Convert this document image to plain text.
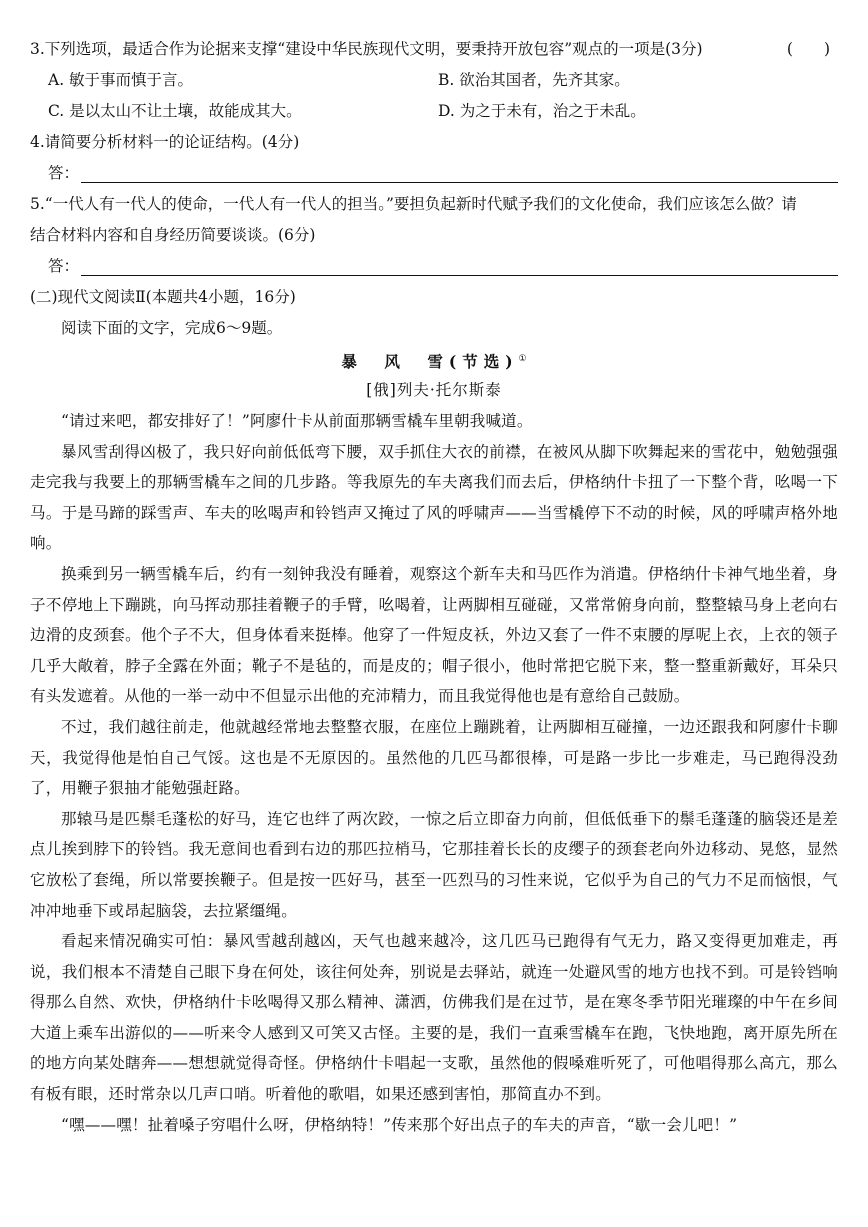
3.下列选项，最适合作为论据来支撑“建设中华民族现代文明，要秉持开放包容”观点的一项是(3分)	(　　)
A. 敏于事而慎于言。	B. 欲治其国者，先齐其家。
C. 是以太山不让土壤，故能成其大。	D. 为之于未有，治之于未乱。
4.请简要分析材料一的论证结构。(4分)
答：
5.“一代人有一代人的使命，一代人有一代人的担当。”要担负起新时代赋予我们的文化使命，我们应该怎么做？请
结合材料内容和自身经历简要谈谈。(6分)
答：
(二)现代文阅读Ⅱ(本题共4小题，16分)
阅读下面的文字，完成6～9题。
暴　风　雪(节选)①
[俄]列夫·托尔斯泰

“请过来吧，都安排好了！”阿廖什卡从前面那辆雪橇车里朝我喊道。

暴风雪刮得凶极了，我只好向前低低弯下腰，双手抓住大衣的前襟，在被风从脚下吹舞起来的雪花中，勉勉强强走完我与我要上的那辆雪橇车之间的几步路。等我原先的车夫离我们而去后，伊格纳什卡扭了一下整个背，吆喝一下马。于是马蹄的踩雪声、车夫的吆喝声和铃铛声又掩过了风的呼啸声——当雪橇停下不动的时候，风的呼啸声格外地响。

换乘到另一辆雪橇车后，约有一刻钟我没有睡着，观察这个新车夫和马匹作为消遣。伊格纳什卡神气地坐着，身子不停地上下蹦跳，向马挥动那挂着鞭子的手臂，吆喝着，让两脚相互碰碰，又常常俯身向前，整整辕马身上老向右边滑的皮颈套。他个子不大，但身体看来挺棒。他穿了一件短皮袄，外边又套了一件不束腰的厚呢上衣，上衣的领子几乎大敞着，脖子全露在外面；靴子不是毡的，而是皮的；帽子很小，他时常把它脱下来，整一整重新戴好，耳朵只有头发遮着。从他的一举一动中不但显示出他的充沛精力，而且我觉得他也是有意给自己鼓励。

不过，我们越往前走，他就越经常地去整整衣服，在座位上蹦跳着，让两脚相互碰撞，一边还跟我和阿廖什卡聊天，我觉得他是怕自己气馁。这也是不无原因的。虽然他的几匹马都很棒，可是路一步比一步难走，马已跑得没劲了，用鞭子狠抽才能勉强赶路。

那辕马是匹鬃毛蓬松的好马，连它也绊了两次跤，一惊之后立即奋力向前，但低低垂下的鬃毛蓬蓬的脑袋还是差点儿挨到脖下的铃铛。我无意间也看到右边的那匹拉梢马，它那挂着长长的皮缨子的颈套老向外边移动、晃悠，显然它放松了套绳，所以常要挨鞭子。但是按一匹好马，甚至一匹烈马的习性来说，它似乎为自己的气力不足而恼恨，气冲冲地垂下或昂起脑袋，去拉紧缰绳。

看起来情况确实可怕：暴风雪越刮越凶，天气也越来越冷，这几匹马已跑得有气无力，路又变得更加难走，再说，我们根本不清楚自己眼下身在何处，该往何处奔，别说是去驿站，就连一处避风雪的地方也找不到。可是铃铛响得那么自然、欢快，伊格纳什卡吆喝得又那么精神、潇洒，仿佛我们是在过节，是在寒冬季节阳光璀璨的中午在乡间大道上乘车出游似的——听来令人感到又可笑又古怪。主要的是，我们一直乘雪橇车在跑，飞快地跑，离开原先所在的地方向某处瞎奔——想想就觉得奇怪。伊格纳什卡唱起一支歌，虽然他的假嗓难听死了，可他唱得那么高亢，那么有板有眼，还时常杂以几声口哨。听着他的歌唱，如果还感到害怕，那简直办不到。

“嘿——嘿！扯着嗓子穷唱什么呀，伊格纳特！”传来那个好出点子的车夫的声音，“歇一会儿吧！”
